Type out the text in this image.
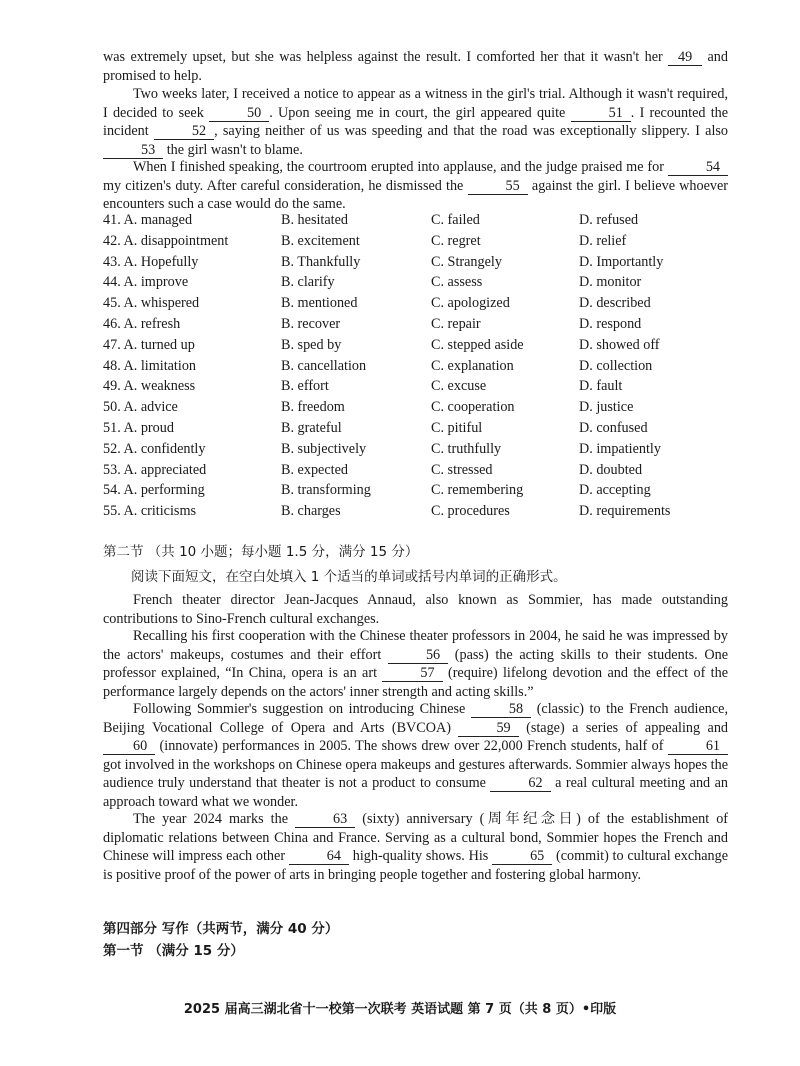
was extremely upset, but she was helpless against the result. I comforted her that it wasn't her 49 and promised to help.

Two weeks later, I received a notice to appear as a witness in the girl's trial. Although it wasn't required, I decided to seek	50 . Upon seeing me in court, the girl appeared quite	51 . I recounted the incident	52 , saying neither of us was speeding and that the road was exceptionally slippery. I also 53 the girl wasn't to blame.

When I finished speaking, the courtroom erupted into applause, and the judge praised me for	54 my citizen's duty. After careful consideration, he dismissed the	55 against the girl. I believe whoever encounters such a case would do the same.

41. A. managed	B. hesitated	C. failed	D. refused
42. A. disappointment	B. excitement	C. regret	D. relief
43. A. Hopefully	B. Thankfully	C. Strangely	D. Importantly
44. A. improve	B. clarify	C. assess	D. monitor
45. A. whispered	B. mentioned	C. apologized	D. described
46. A. refresh	B. recover	C. repair	D. respond
47. A. turned up	B. sped by	C. stepped aside	D. showed off
48. A. limitation	B. cancellation	C. explanation	D. collection
49. A. weakness	B. effort	C. excuse	D. fault
50. A. advice	B. freedom	C. cooperation	D. justice
51. A. proud	B. grateful	C. pitiful	D. confused
52. A. confidently	B. subjectively	C. truthfully	D. impatiently
53. A. appreciated	B. expected	C. stressed	D. doubted
54. A. performing	B. transforming	C. remembering	D. accepting
55. A. criticisms	B. charges	C. procedures	D. requirements

第二节 （共 10 小题；每小题 1.5 分，满分 15 分）

阅读下面短文，在空白处填入 1 个适当的单词或括号内单词的正确形式。

French theater director Jean-Jacques Annaud, also known as Sommier, has made outstanding contributions to Sino-French cultural exchanges.

Recalling his first cooperation with the Chinese theater professors in 2004, he said he was impressed by the actors' makeups, costumes and their effort	56 (pass) the acting skills to their students. One professor explained, “In China, opera is an art	57 (require) lifelong devotion and the effect of the performance largely depends on the actors' inner strength and acting skills.”

Following Sommier's suggestion on introducing Chinese	58 (classic) to the French audience, Beijing Vocational College of Opera and Arts (BVCOA)	59 (stage) a series of appealing and 60 (innovate) performances in 2005. The shows drew over 22,000 French students, half of	61 got involved in the workshops on Chinese opera makeups and gestures afterwards. Sommier always hopes the audience truly understand that theater is not a product to consume	62 a real cultural meeting and an approach toward what we wonder.

The year 2024 marks the	63 (sixty) anniversary (周年纪念日) of the establishment of diplomatic relations between China and France. Serving as a cultural bond, Sommier hopes the French and Chinese will impress each other	64 high-quality shows. His	65 (commit) to cultural exchange is positive proof of the power of arts in bringing people together and fostering global harmony.

第四部分 写作（共两节，满分 40 分）

第一节 （满分 15 分）

2025 届高三湖北省十一校第一次联考 英语试题 第 7 页（共 8 页）•印版
